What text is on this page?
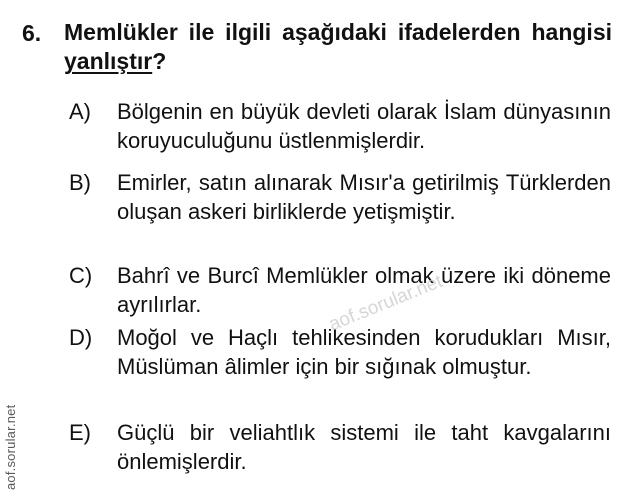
6. Memlükler ile ilgili aşağıdaki ifadelerden hangisi yanlıştır?
A) Bölgenin en büyük devleti olarak İslam dünyasının koruyuculuğunu üstlenmişlerdir.
B) Emirler, satın alınarak Mısır'a getirilmiş Türklerden oluşan askeri birliklerde yetişmiştir.
C) Bahrî ve Burcî Memlükler olmak üzere iki döneme ayrılırlar.
D) Moğol ve Haçlı tehlikesinden korudukları Mısır, Müslüman âlimler için bir sığınak olmuştur.
E) Güçlü bir veliahtlık sistemi ile taht kavgalarını önlemişlerdir.
aof.sorular.net
aof.sorular.net
